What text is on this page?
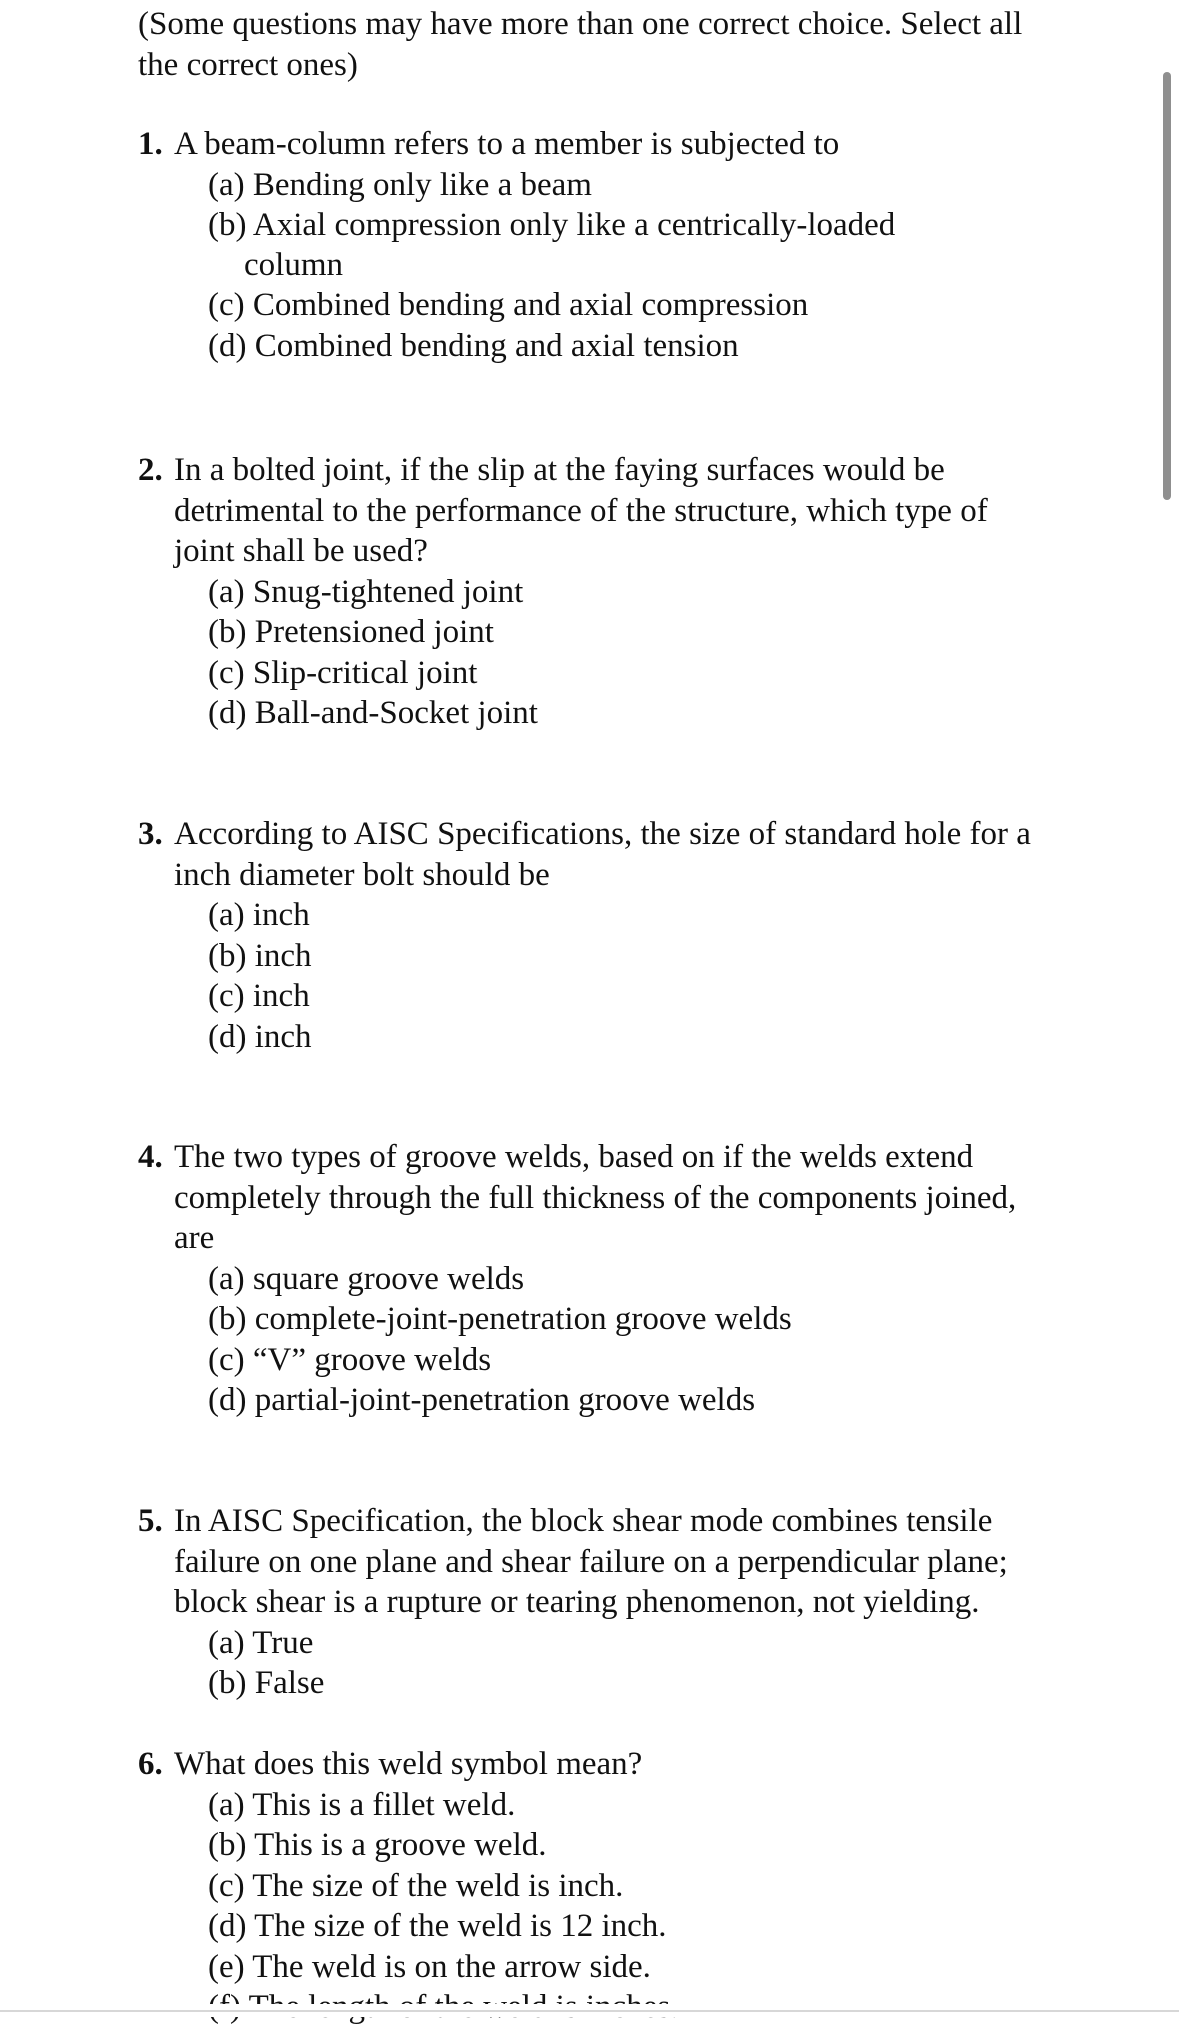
(Some questions may have more than one correct choice. Select all the correct ones)
1. A beam-column refers to a member is subjected to
(a) Bending only like a beam
(b) Axial compression only like a centrically-loaded
column
(c) Combined bending and axial compression
(d) Combined bending and axial tension
2. In a bolted joint, if the slip at the faying surfaces would be detrimental to the performance of the structure, which type of joint shall be used?
(a) Snug-tightened joint
(b) Pretensioned joint
(c) Slip-critical joint
(d) Ball-and-Socket joint
3. According to AISC Specifications, the size of standard hole for a inch diameter bolt should be
(a) inch
(b) inch
(c) inch
(d) inch
4. The two types of groove welds, based on if the welds extend completely through the full thickness of the components joined, are
(a) square groove welds
(b) complete-joint-penetration groove welds
(c) “V” groove welds
(d) partial-joint-penetration groove welds
5. In AISC Specification, the block shear mode combines tensile failure on one plane and shear failure on a perpendicular plane; block shear is a rupture or tearing phenomenon, not yielding.
(a) True
(b) False
6. What does this weld symbol mean?
(a) This is a fillet weld.
(b) This is a groove weld.
(c) The size of the weld is inch.
(d) The size of the weld is 12 inch.
(e) The weld is on the arrow side.
